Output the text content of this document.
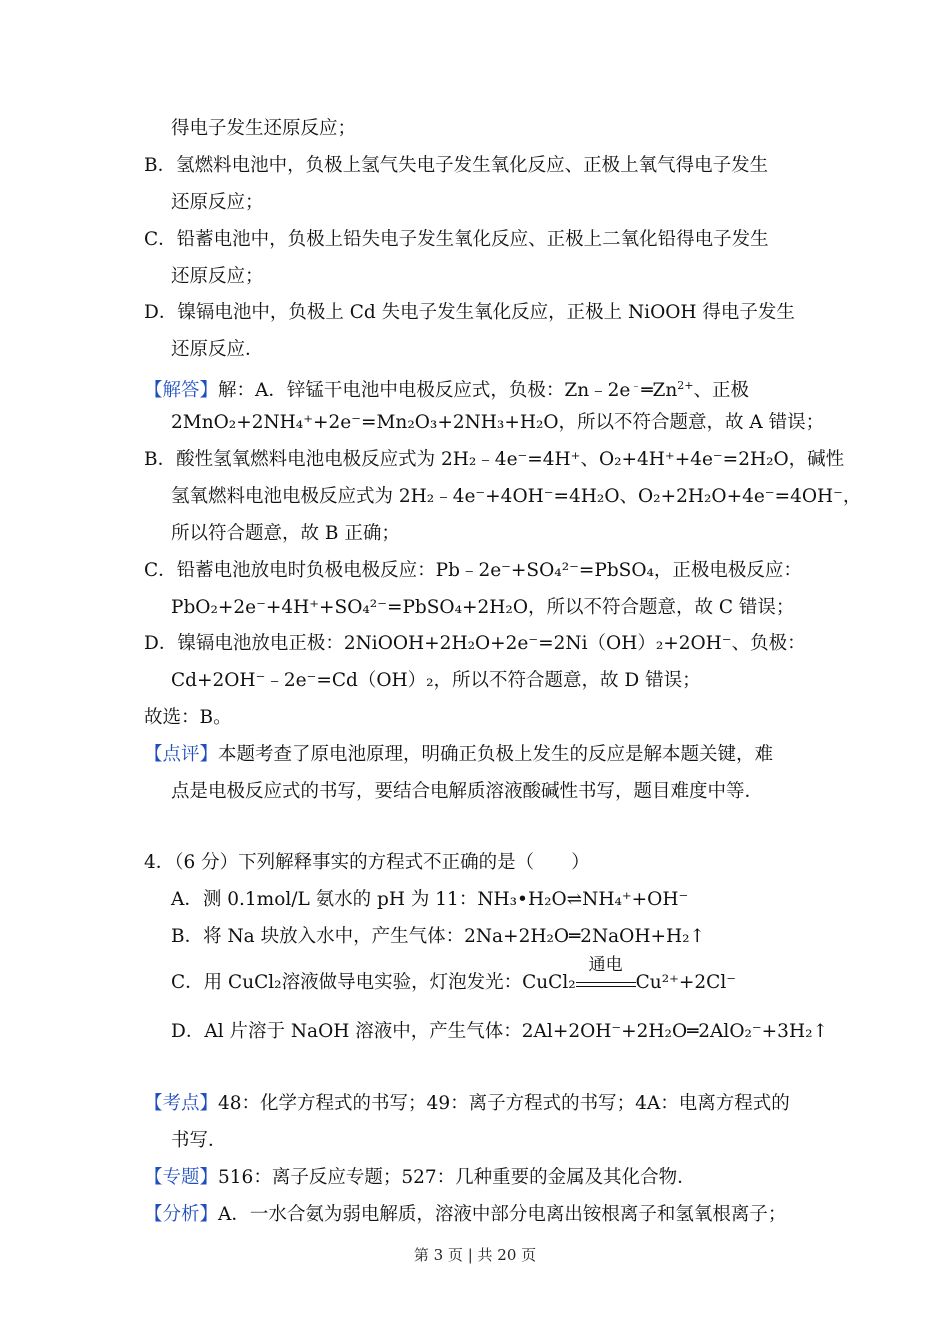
得电子发生还原反应；
B．氢燃料电池中，负极上氢气失电子发生氧化反应、正极上氧气得电子发生
还原反应；
C．铅蓄电池中，负极上铅失电子发生氧化反应、正极上二氧化铅得电子发生
还原反应；
D．镍镉电池中，负极上 Cd 失电子发生氧化反应，正极上 NiOOH 得电子发生
还原反应．
【解答】解：A．锌锰干电池中电极反应式，负极：$Zn﹣2e^﹣═Zn^{2+}$、正极
2MnO₂+2NH₄⁺+2e⁻=Mn₂O₃+2NH₃+H₂O，所以不符合题意，故 A 错误；
B．酸性氢氧燃料电池电极反应式为 2H₂﹣4e⁻=4H⁺、O₂+4H⁺+4e⁻=2H₂O，碱性
氢氧燃料电池电极反应式为 2H₂﹣4e⁻+4OH⁻=4H₂O、O₂+2H₂O+4e⁻=4OH⁻，
所以符合题意，故 B 正确；
C．铅蓄电池放电时负极电极反应：Pb﹣2e⁻+SO₄²⁻=PbSO₄，正极电极反应：
PbO₂+2e⁻+4H⁺+SO₄²⁻=PbSO₄+2H₂O，所以不符合题意，故 C 错误；
D．镍镉电池放电正极：2NiOOH+2H₂O+2e⁻=2Ni（OH）₂+2OH⁻、负极：
Cd+2OH⁻﹣2e⁻=Cd（OH）₂，所以不符合题意，故 D 错误；
故选：B。
【点评】本题考查了原电池原理，明确正负极上发生的反应是解本题关键，难
点是电极反应式的书写，要结合电解质溶液酸碱性书写，题目难度中等．
4．（6 分）下列解释事实的方程式不正确的是（　　）
A．测 0.1mol/L 氨水的 pH 为 11：NH₃•H₂O⇌NH₄⁺+OH⁻
B．将 Na 块放入水中，产生气体：2Na+2H₂O═2NaOH+H₂↑
C．用 CuCl₂溶液做导电实验，灯泡发光：CuCl₂
通电
Cu²⁺+2Cl⁻
D．Al 片溶于 NaOH 溶液中，产生气体：2Al+2OH⁻+2H₂O═2AlO₂⁻+3H₂↑
【考点】48：化学方程式的书写；49：离子方程式的书写；4A：电离方程式的
书写．
【专题】516：离子反应专题；527：几种重要的金属及其化合物．
【分析】A．一水合氨为弱电解质，溶液中部分电离出铵根离子和氢氧根离子；
第 3 页 | 共 20 页
